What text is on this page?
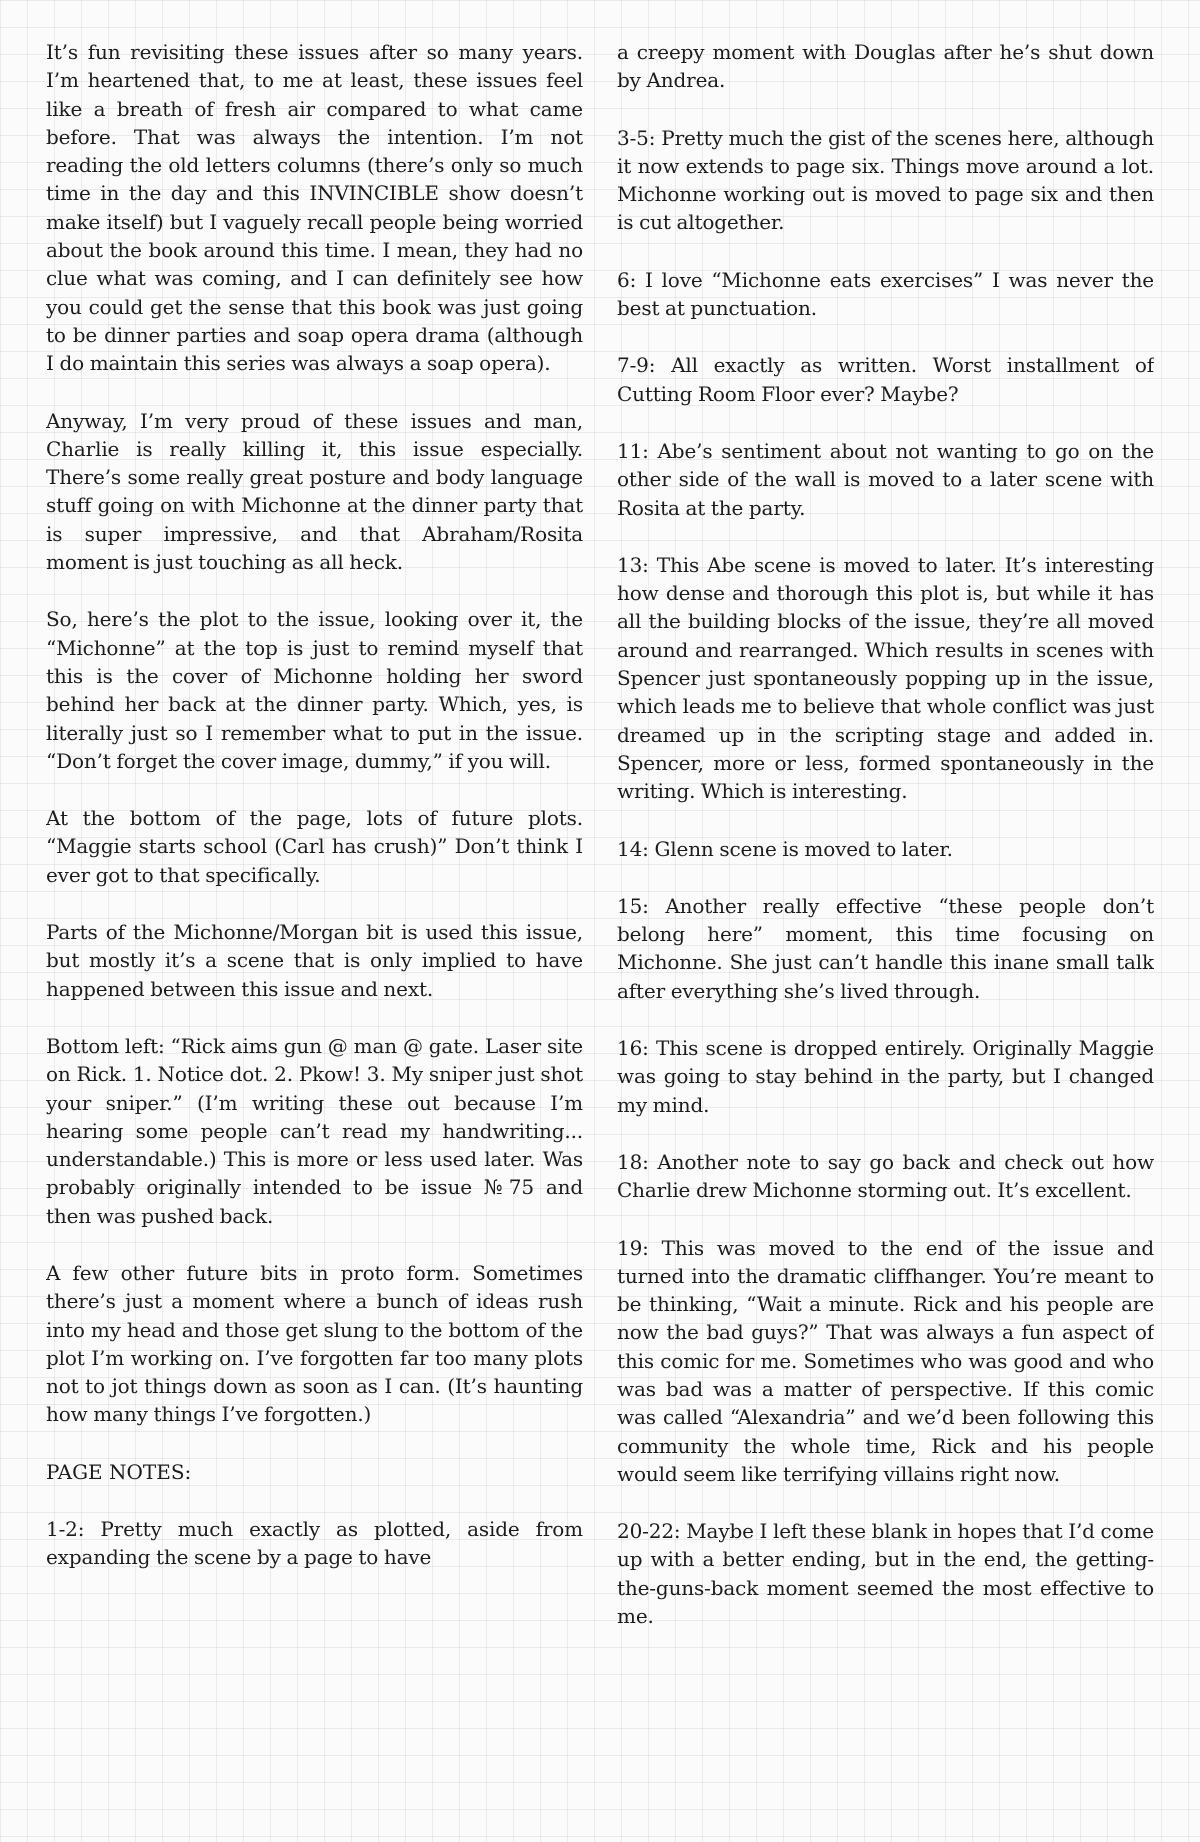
It’s fun revisiting these issues after so many years. I’m heartened that, to me at least, these issues feel like a breath of fresh air compared to what came before. That was always the intention. I’m not reading the old letters columns (there’s only so much time in the day and this INVINCIBLE show doesn’t make itself) but I vaguely recall people being worried about the book around this time. I mean, they had no clue what was coming, and I can definitely see how you could get the sense that this book was just going to be dinner parties and soap opera drama (although I do maintain this series was always a soap opera).

Anyway, I’m very proud of these issues and man, Charlie is really killing it, this issue especially. There’s some really great posture and body language stuff going on with Michonne at the dinner party that is super impressive, and that Abraham/Rosita moment is just touching as all heck.

So, here’s the plot to the issue, looking over it, the “Michonne” at the top is just to remind myself that this is the cover of Michonne holding her sword behind her back at the dinner party. Which, yes, is literally just so I remember what to put in the issue. “Don’t forget the cover image, dummy,” if you will.

At the bottom of the page, lots of future plots. “Maggie starts school (Carl has crush)” Don’t think I ever got to that specifically.

Parts of the Michonne/Morgan bit is used this issue, but mostly it’s a scene that is only implied to have happened between this issue and next.

Bottom left: “Rick aims gun @ man @ gate. Laser site on Rick. 1. Notice dot. 2. Pkow! 3. My sniper just shot your sniper.” (I’m writing these out because I’m hearing some people can’t read my handwriting... understandable.) This is more or less used later. Was probably originally intended to be issue №75 and then was pushed back.

A few other future bits in proto form. Sometimes there’s just a moment where a bunch of ideas rush into my head and those get slung to the bottom of the plot I’m working on. I’ve forgotten far too many plots not to jot things down as soon as I can. (It’s haunting how many things I’ve forgotten.)

PAGE NOTES:

1-2: Pretty much exactly as plotted, aside from expanding the scene by a page to have

a creepy moment with Douglas after he’s shut down by Andrea.

3-5: Pretty much the gist of the scenes here, although it now extends to page six. Things move around a lot. Michonne working out is moved to page six and then is cut altogether.

6: I love “Michonne eats exercises” I was never the best at punctuation.

7-9: All exactly as written. Worst installment of Cutting Room Floor ever? Maybe?

11: Abe’s sentiment about not wanting to go on the other side of the wall is moved to a later scene with Rosita at the party.

13: This Abe scene is moved to later. It’s interesting how dense and thorough this plot is, but while it has all the building blocks of the issue, they’re all moved around and rearranged. Which results in scenes with Spencer just spontaneously popping up in the issue, which leads me to believe that whole conflict was just dreamed up in the scripting stage and added in. Spencer, more or less, formed spontaneously in the writing. Which is interesting.

14: Glenn scene is moved to later.

15: Another really effective “these people don’t belong here” moment, this time focusing on Michonne. She just can’t handle this inane small talk after everything she’s lived through.

16: This scene is dropped entirely. Originally Maggie was going to stay behind in the party, but I changed my mind.

18: Another note to say go back and check out how Charlie drew Michonne storming out. It’s excellent.

19: This was moved to the end of the issue and turned into the dramatic cliffhanger. You’re meant to be thinking, “Wait a minute. Rick and his people are now the bad guys?” That was always a fun aspect of this comic for me. Sometimes who was good and who was bad was a matter of perspective. If this comic was called “Alexandria” and we’d been following this community the whole time, Rick and his people would seem like terrifying villains right now.

20-22: Maybe I left these blank in hopes that I’d come up with a better ending, but in the end, the getting-the-guns-back moment seemed the most effective to me.
